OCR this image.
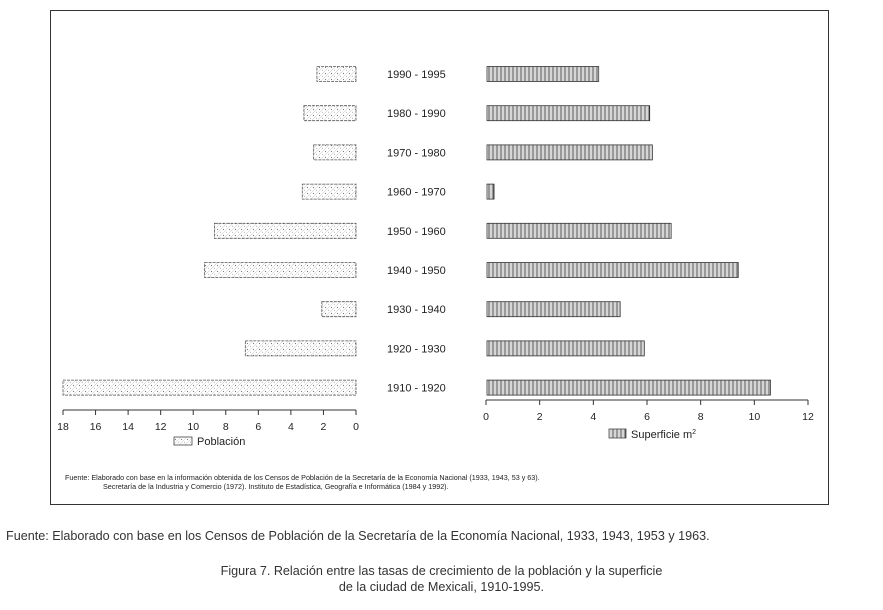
1990 - 1995
1980 - 1990
1970 - 1980
1960 - 1970
1950 - 1960
1940 - 1950
1930 - 1940
1920 - 1930
1910 - 1920
18 16 14 12 10 8	6	4	2	0
0	2	4	6	8	10	12
Población
Superficie $m^2$
Fuente: Elaborado con base en la información obtenida de los Censos de Población de la Secretaría de la Economía Nacional (1933, 1943, 53 y 63).
Secretaría de la Industria y Comercio (1972). Instituto de Estadística, Geografía e Informática (1984 y 1992).
Fuente: Elaborado con base en los Censos de Población de la Secretaría de la Economía Nacional, 1933, 1943, 1953 y 1963.
Figura 7. Relación entre las tasas de crecimiento de la población y la superficie
de la ciudad de Mexicali, 1910-1995.
